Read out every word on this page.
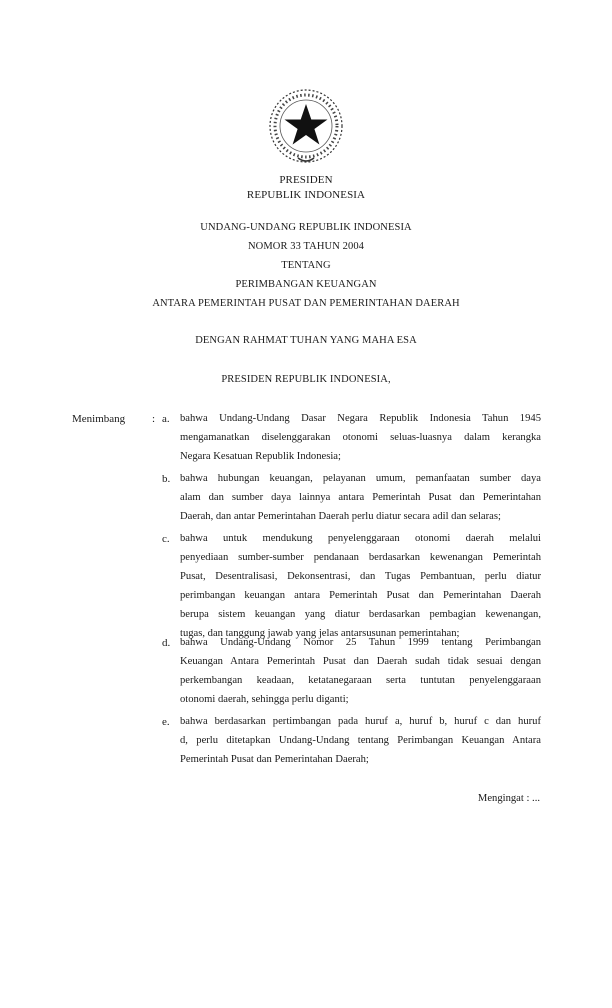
PRESIDEN
REPUBLIK INDONESIA
UNDANG-UNDANG REPUBLIK INDONESIA
NOMOR 33 TAHUN 2004
TENTANG
PERIMBANGAN KEUANGAN
ANTARA PEMERINTAH PUSAT DAN PEMERINTAHAN DAERAH
DENGAN RAHMAT TUHAN YANG MAHA ESA
PRESIDEN REPUBLIK INDONESIA,
Menimbang : a. bahwa Undang-Undang Dasar Negara Republik Indonesia Tahun 1945
mengamanatkan diselenggarakan otonomi seluas-luasnya dalam kerangka
Negara Kesatuan Republik Indonesia;
b. bahwa hubungan keuangan, pelayanan umum, pemanfaatan sumber daya
alam dan sumber daya lainnya antara Pemerintah Pusat dan Pemerintahan
Daerah, dan antar Pemerintahan Daerah perlu diatur secara adil dan selaras;
c. bahwa untuk mendukung penyelenggaraan otonomi daerah melalui
penyediaan sumber-sumber pendanaan berdasarkan kewenangan Pemerintah
Pusat, Desentralisasi, Dekonsentrasi, dan Tugas Pembantuan, perlu diatur
perimbangan keuangan antara Pemerintah Pusat dan Pemerintahan Daerah
berupa sistem keuangan yang diatur berdasarkan pembagian kewenangan,
tugas, dan tanggung jawab yang jelas antarsusunan pemerintahan;
d. bahwa Undang-Undang Nomor 25 Tahun 1999 tentang Perimbangan
Keuangan Antara Pemerintah Pusat dan Daerah sudah tidak sesuai dengan
perkembangan keadaan, ketatanegaraan serta tuntutan penyelenggaraan
otonomi daerah, sehingga perlu diganti;
e. bahwa berdasarkan pertimbangan pada huruf a, huruf b, huruf c dan huruf
d, perlu ditetapkan Undang-Undang tentang Perimbangan Keuangan Antara
Pemerintah Pusat dan Pemerintahan Daerah;
Mengingat : ...
